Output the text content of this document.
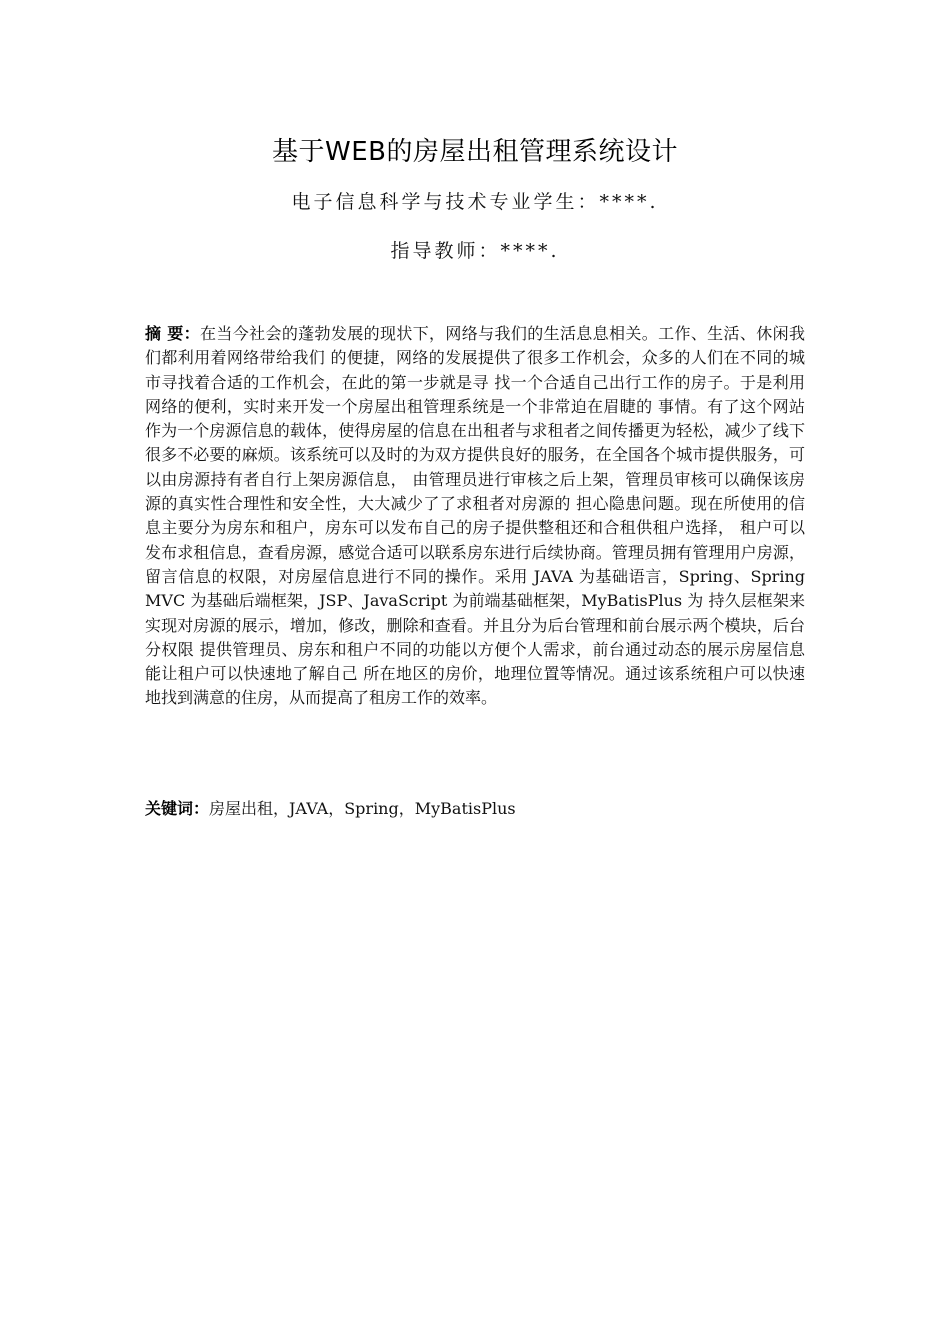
基于WEB的房屋出租管理系统设计
电子信息科学与技术专业学生：****.
指导教师：****.

摘 要：在当今社会的蓬勃发展的现状下，网络与我们的生活息息相关。工作、生活、休闲我们都利用着网络带给我们 的便捷，网络的发展提供了很多工作机会，众多的人们在不同的城市寻找着合适的工作机会，在此的第一步就是寻 找一个合适自己出行工作的房子。于是利用网络的便利，实时来开发一个房屋出租管理系统是一个非常迫在眉睫的 事情。有了这个网站作为一个房源信息的载体，使得房屋的信息在出租者与求租者之间传播更为轻松，减少了线下 很多不必要的麻烦。该系统可以及时的为双方提供良好的服务，在全国各个城市提供服务，可以由房源持有者自行上架房源信息， 由管理员进行审核之后上架，管理员审核可以确保该房源的真实性合理性和安全性，大大减少了了求租者对房源的 担心隐患问题。现在所使用的信息主要分为房东和租户，房东可以发布自己的房子提供整租还和合租供租户选择， 租户可以发布求租信息，查看房源，感觉合适可以联系房东进行后续协商。管理员拥有管理用户房源，留言信息的权限，对房屋信息进行不同的操作。采用 JAVA 为基础语言，Spring、Spring MVC 为基础后端框架，JSP、JavaScript 为前端基础框架，MyBatisPlus 为 持久层框架来实现对房源的展示，增加，修改，删除和查看。并且分为后台管理和前台展示两个模块，后台分权限 提供管理员、房东和租户不同的功能以方便个人需求，前台通过动态的展示房屋信息能让租户可以快速地了解自己 所在地区的房价，地理位置等情况。通过该系统租户可以快速地找到满意的住房，从而提高了租房工作的效率。

关键词：房屋出租，JAVA，Spring，MyBatisPlus
